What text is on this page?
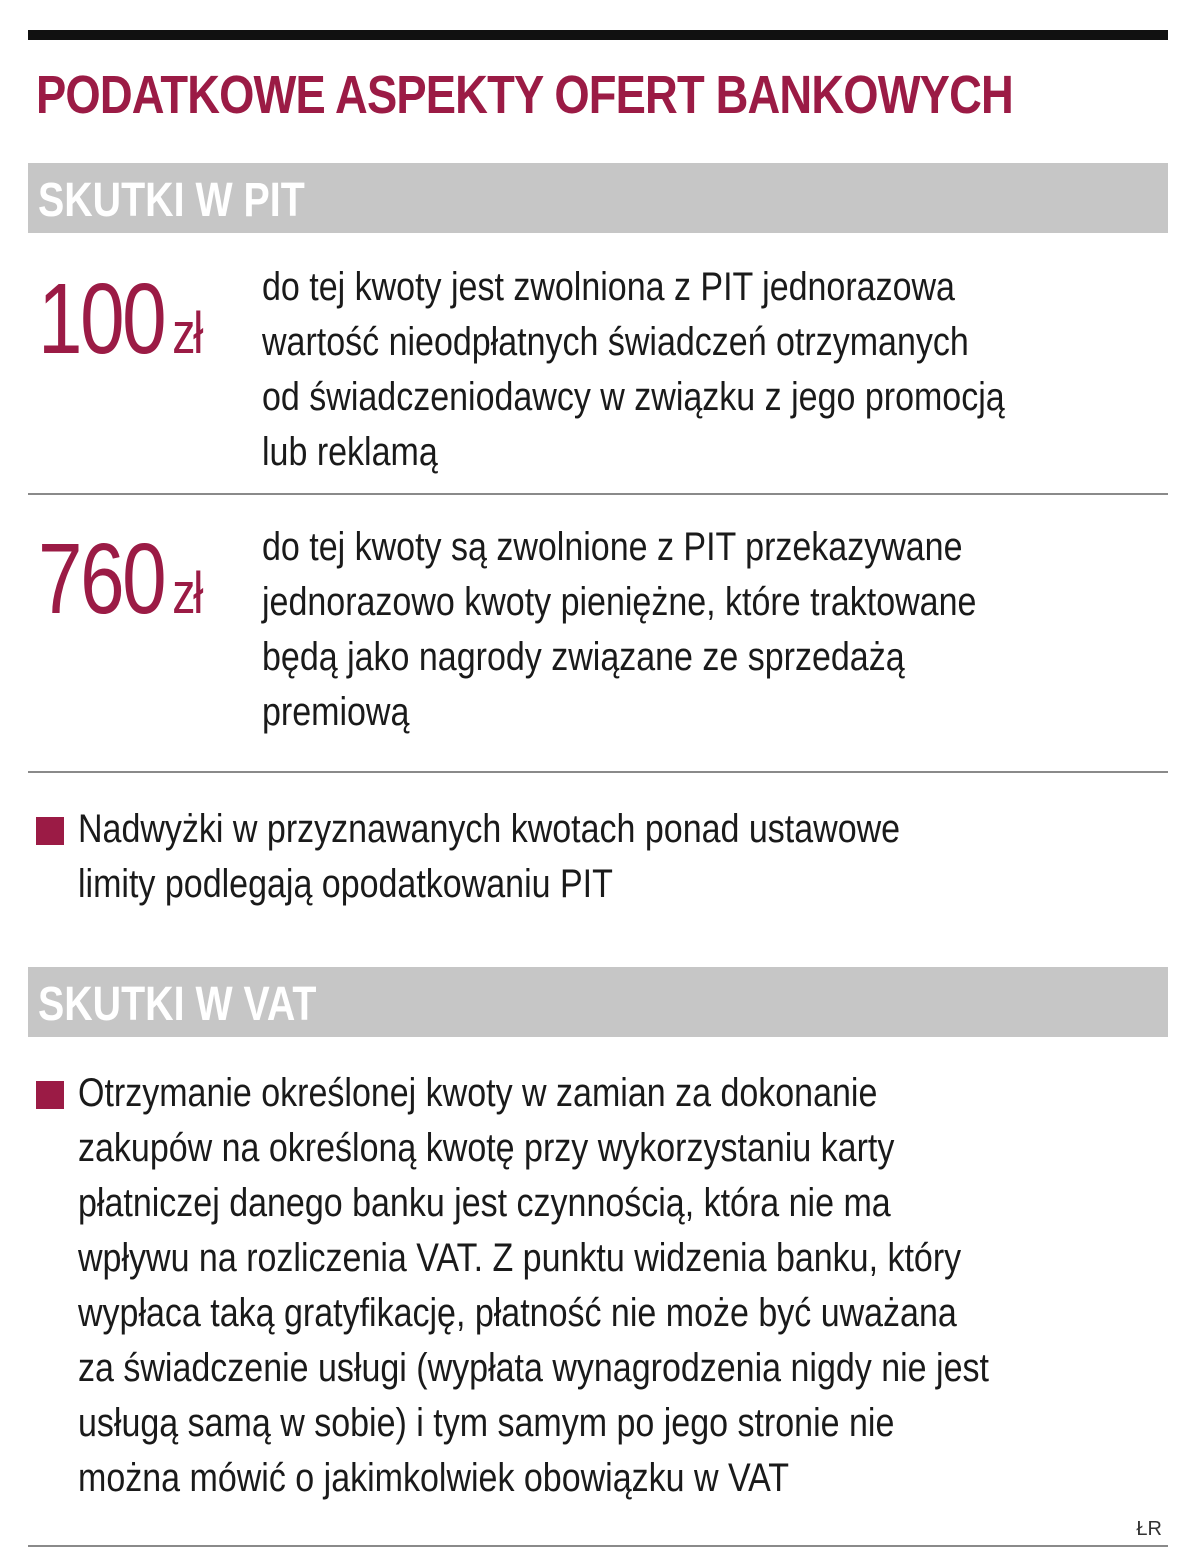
PODATKOWE ASPEKTY OFERT BANKOWYCH
SKUTKI W PIT
100 zł

do tej kwoty jest zwolniona z PIT jednorazowa
wartość nieodpłatnych świadczeń otrzymanych
od świadczeniodawcy w związku z jego promocją
lub reklamą

760 zł

do tej kwoty są zwolnione z PIT przekazywane
jednorazowo kwoty pieniężne, które traktowane
będą jako nagrody związane ze sprzedażą
premiową

Nadwyżki w przyznawanych kwotach ponad ustawowe
limity podlegają opodatkowaniu PIT

SKUTKI W VAT

Otrzymanie określonej kwoty w zamian za dokonanie
zakupów na określoną kwotę przy wykorzystaniu karty
płatniczej danego banku jest czynnością, która nie ma
wpływu na rozliczenia VAT. Z punktu widzenia banku, który
wypłaca taką gratyfikację, płatność nie może być uważana
za świadczenie usługi (wypłata wynagrodzenia nigdy nie jest
usługą samą w sobie) i tym samym po jego stronie nie
można mówić o jakimkolwiek obowiązku w VAT

ŁR
